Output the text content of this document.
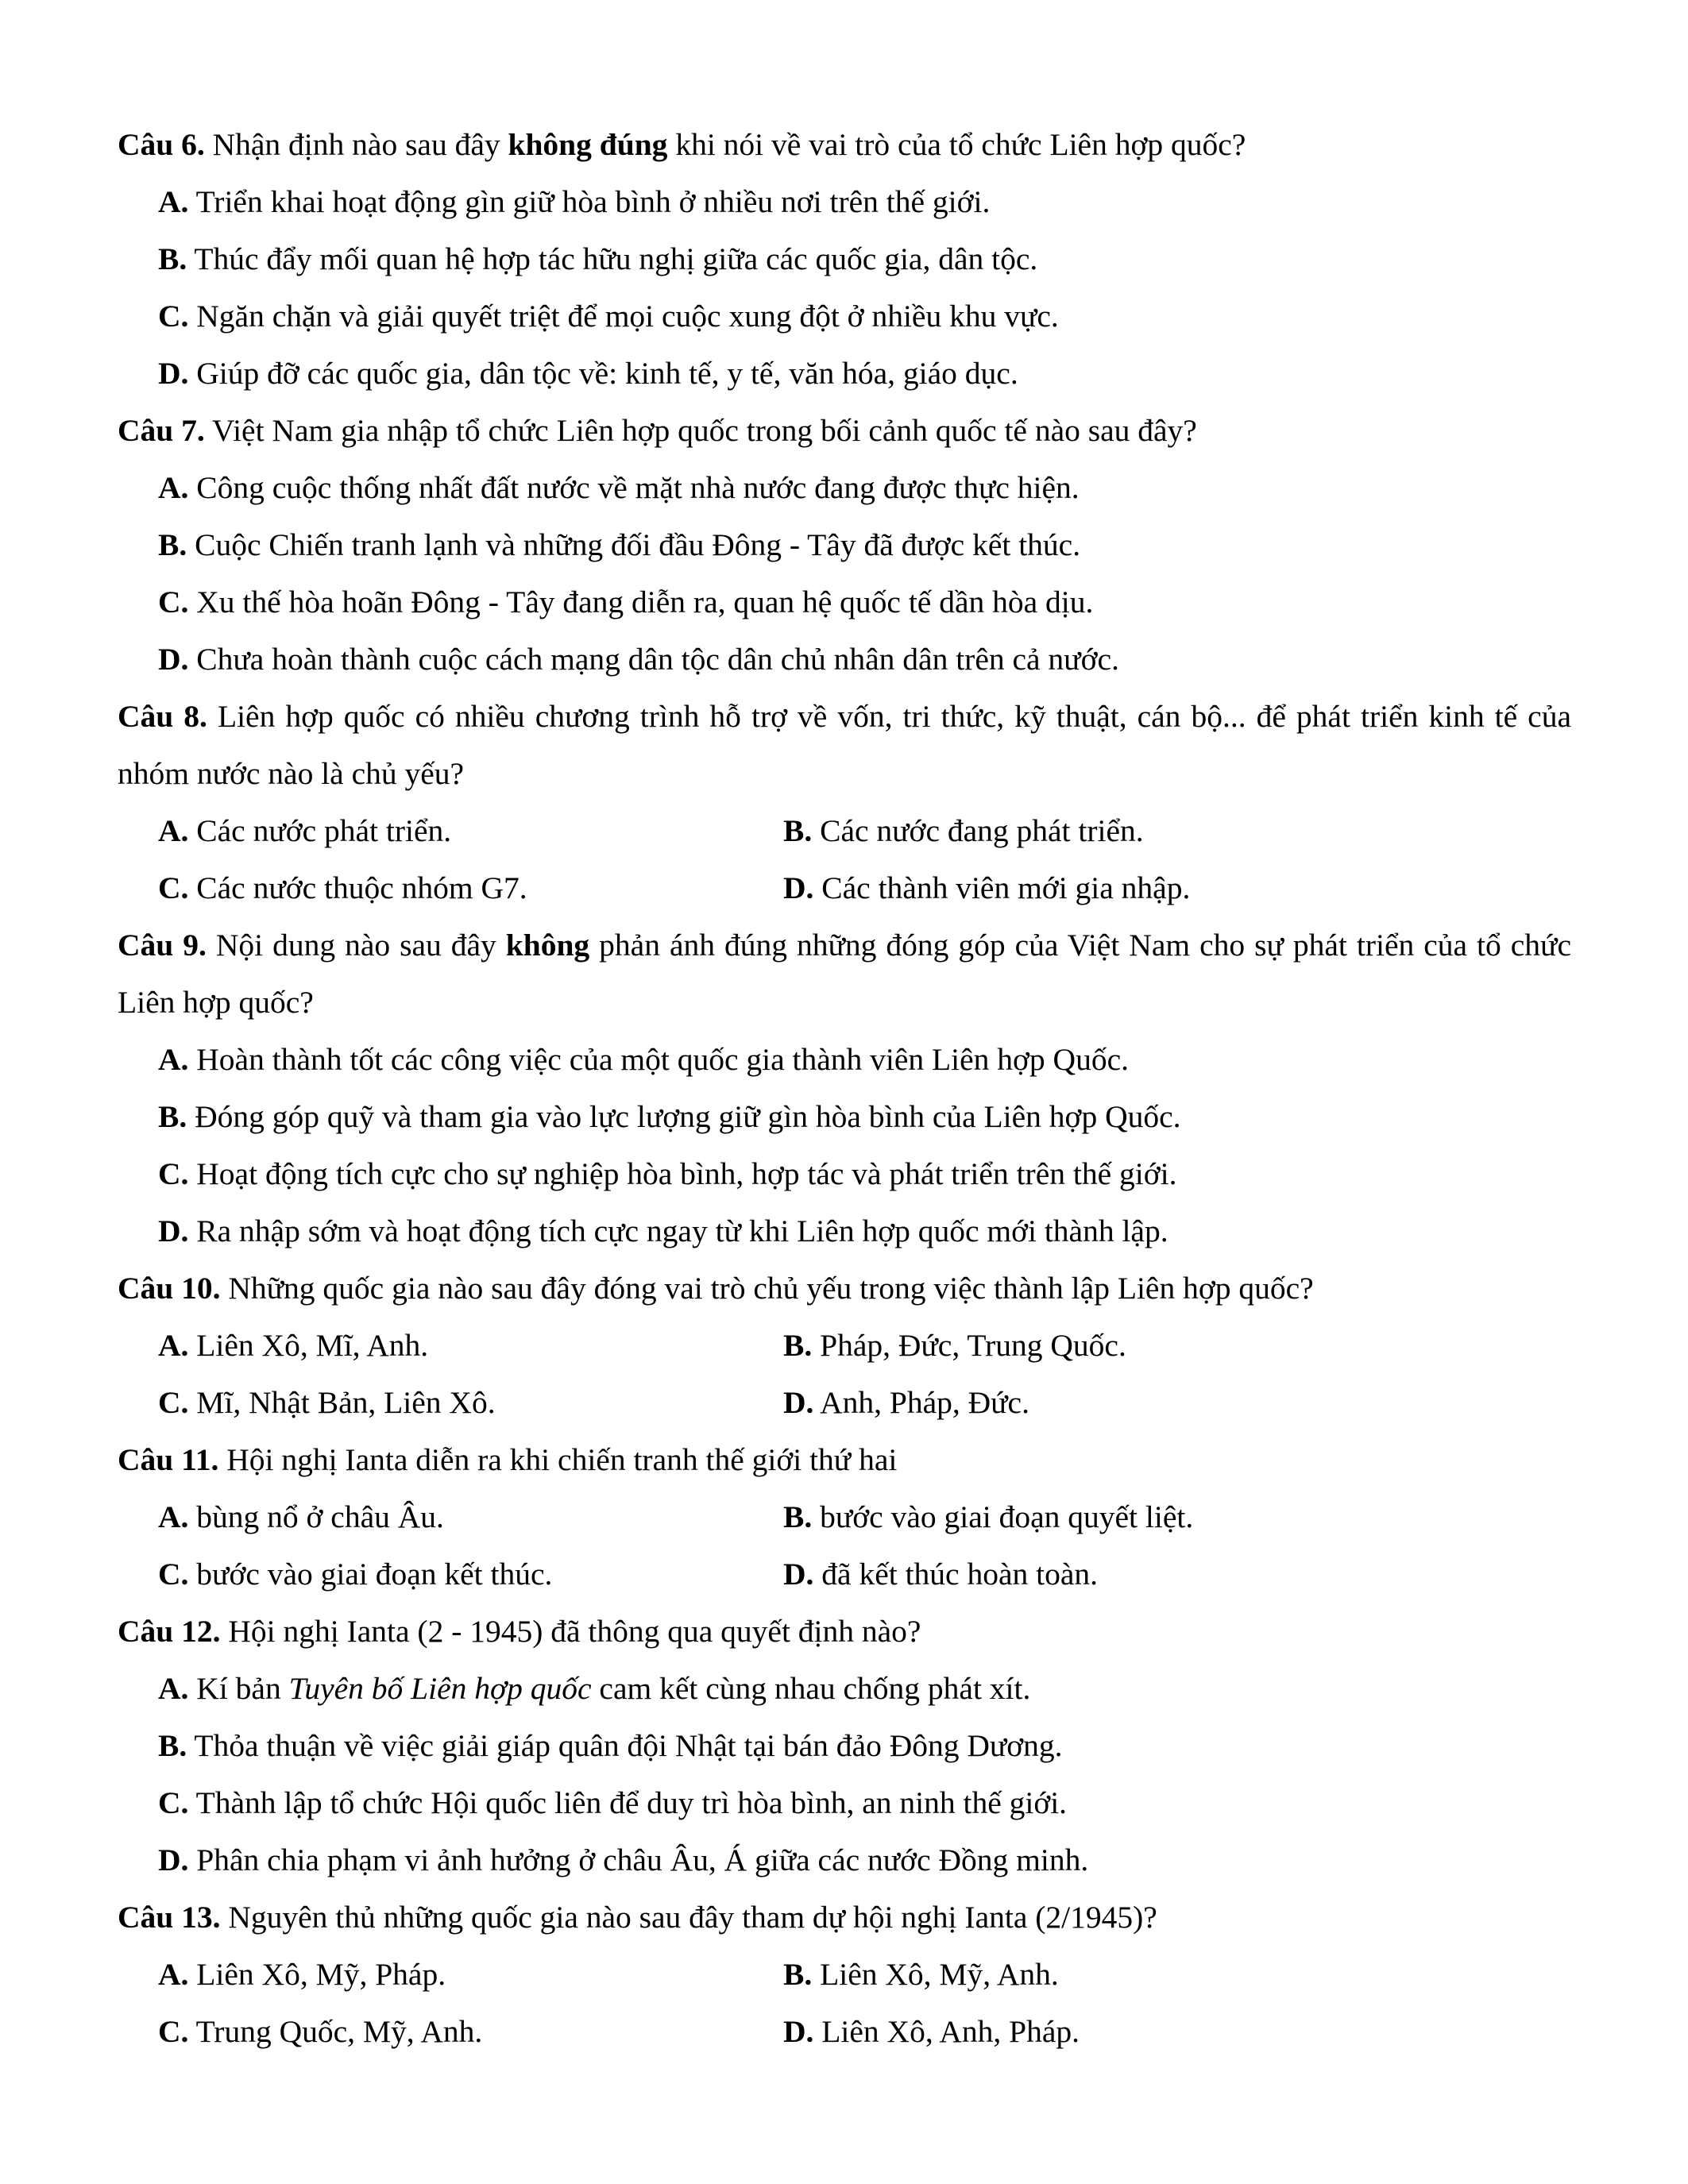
Câu 6. Nhận định nào sau đây không đúng khi nói về vai trò của tổ chức Liên hợp quốc?
A. Triển khai hoạt động gìn giữ hòa bình ở nhiều nơi trên thế giới.
B. Thúc đẩy mối quan hệ hợp tác hữu nghị giữa các quốc gia, dân tộc.
C. Ngăn chặn và giải quyết triệt để mọi cuộc xung đột ở nhiều khu vực.
D. Giúp đỡ các quốc gia, dân tộc về: kinh tế, y tế, văn hóa, giáo dục.
Câu 7. Việt Nam gia nhập tổ chức Liên hợp quốc trong bối cảnh quốc tế nào sau đây?
A. Công cuộc thống nhất đất nước về mặt nhà nước đang được thực hiện.
B. Cuộc Chiến tranh lạnh và những đối đầu Đông - Tây đã được kết thúc.
C. Xu thế hòa hoãn Đông - Tây đang diễn ra, quan hệ quốc tế dần hòa dịu.
D. Chưa hoàn thành cuộc cách mạng dân tộc dân chủ nhân dân trên cả nước.
Câu 8. Liên hợp quốc có nhiều chương trình hỗ trợ về vốn, tri thức, kỹ thuật, cán bộ... để phát triển kinh tế của nhóm nước nào là chủ yếu?
A. Các nước phát triển.	B. Các nước đang phát triển.
C. Các nước thuộc nhóm G7.	D. Các thành viên mới gia nhập.
Câu 9. Nội dung nào sau đây không phản ánh đúng những đóng góp của Việt Nam cho sự phát triển của tổ chức Liên hợp quốc?
A. Hoàn thành tốt các công việc của một quốc gia thành viên Liên hợp Quốc.
B. Đóng góp quỹ và tham gia vào lực lượng giữ gìn hòa bình của Liên hợp Quốc.
C. Hoạt động tích cực cho sự nghiệp hòa bình, hợp tác và phát triển trên thế giới.
D. Ra nhập sớm và hoạt động tích cực ngay từ khi Liên hợp quốc mới thành lập.
Câu 10. Những quốc gia nào sau đây đóng vai trò chủ yếu trong việc thành lập Liên hợp quốc?
A. Liên Xô, Mĩ, Anh.	B. Pháp, Đức, Trung Quốc.
C. Mĩ, Nhật Bản, Liên Xô.	D. Anh, Pháp, Đức.
Câu 11. Hội nghị Ianta diễn ra khi chiến tranh thế giới thứ hai
A. bùng nổ ở châu Âu.	B. bước vào giai đoạn quyết liệt.
C. bước vào giai đoạn kết thúc.	D. đã kết thúc hoàn toàn.
Câu 12. Hội nghị Ianta (2 - 1945) đã thông qua quyết định nào?
A. Kí bản Tuyên bố Liên hợp quốc cam kết cùng nhau chống phát xít.
B. Thỏa thuận về việc giải giáp quân đội Nhật tại bán đảo Đông Dương.
C. Thành lập tổ chức Hội quốc liên để duy trì hòa bình, an ninh thế giới.
D. Phân chia phạm vi ảnh hưởng ở châu Âu, Á giữa các nước Đồng minh.
Câu 13. Nguyên thủ những quốc gia nào sau đây tham dự hội nghị Ianta (2/1945)?
A. Liên Xô, Mỹ, Pháp.	B. Liên Xô, Mỹ, Anh.
C. Trung Quốc, Mỹ, Anh.	D. Liên Xô, Anh, Pháp.
